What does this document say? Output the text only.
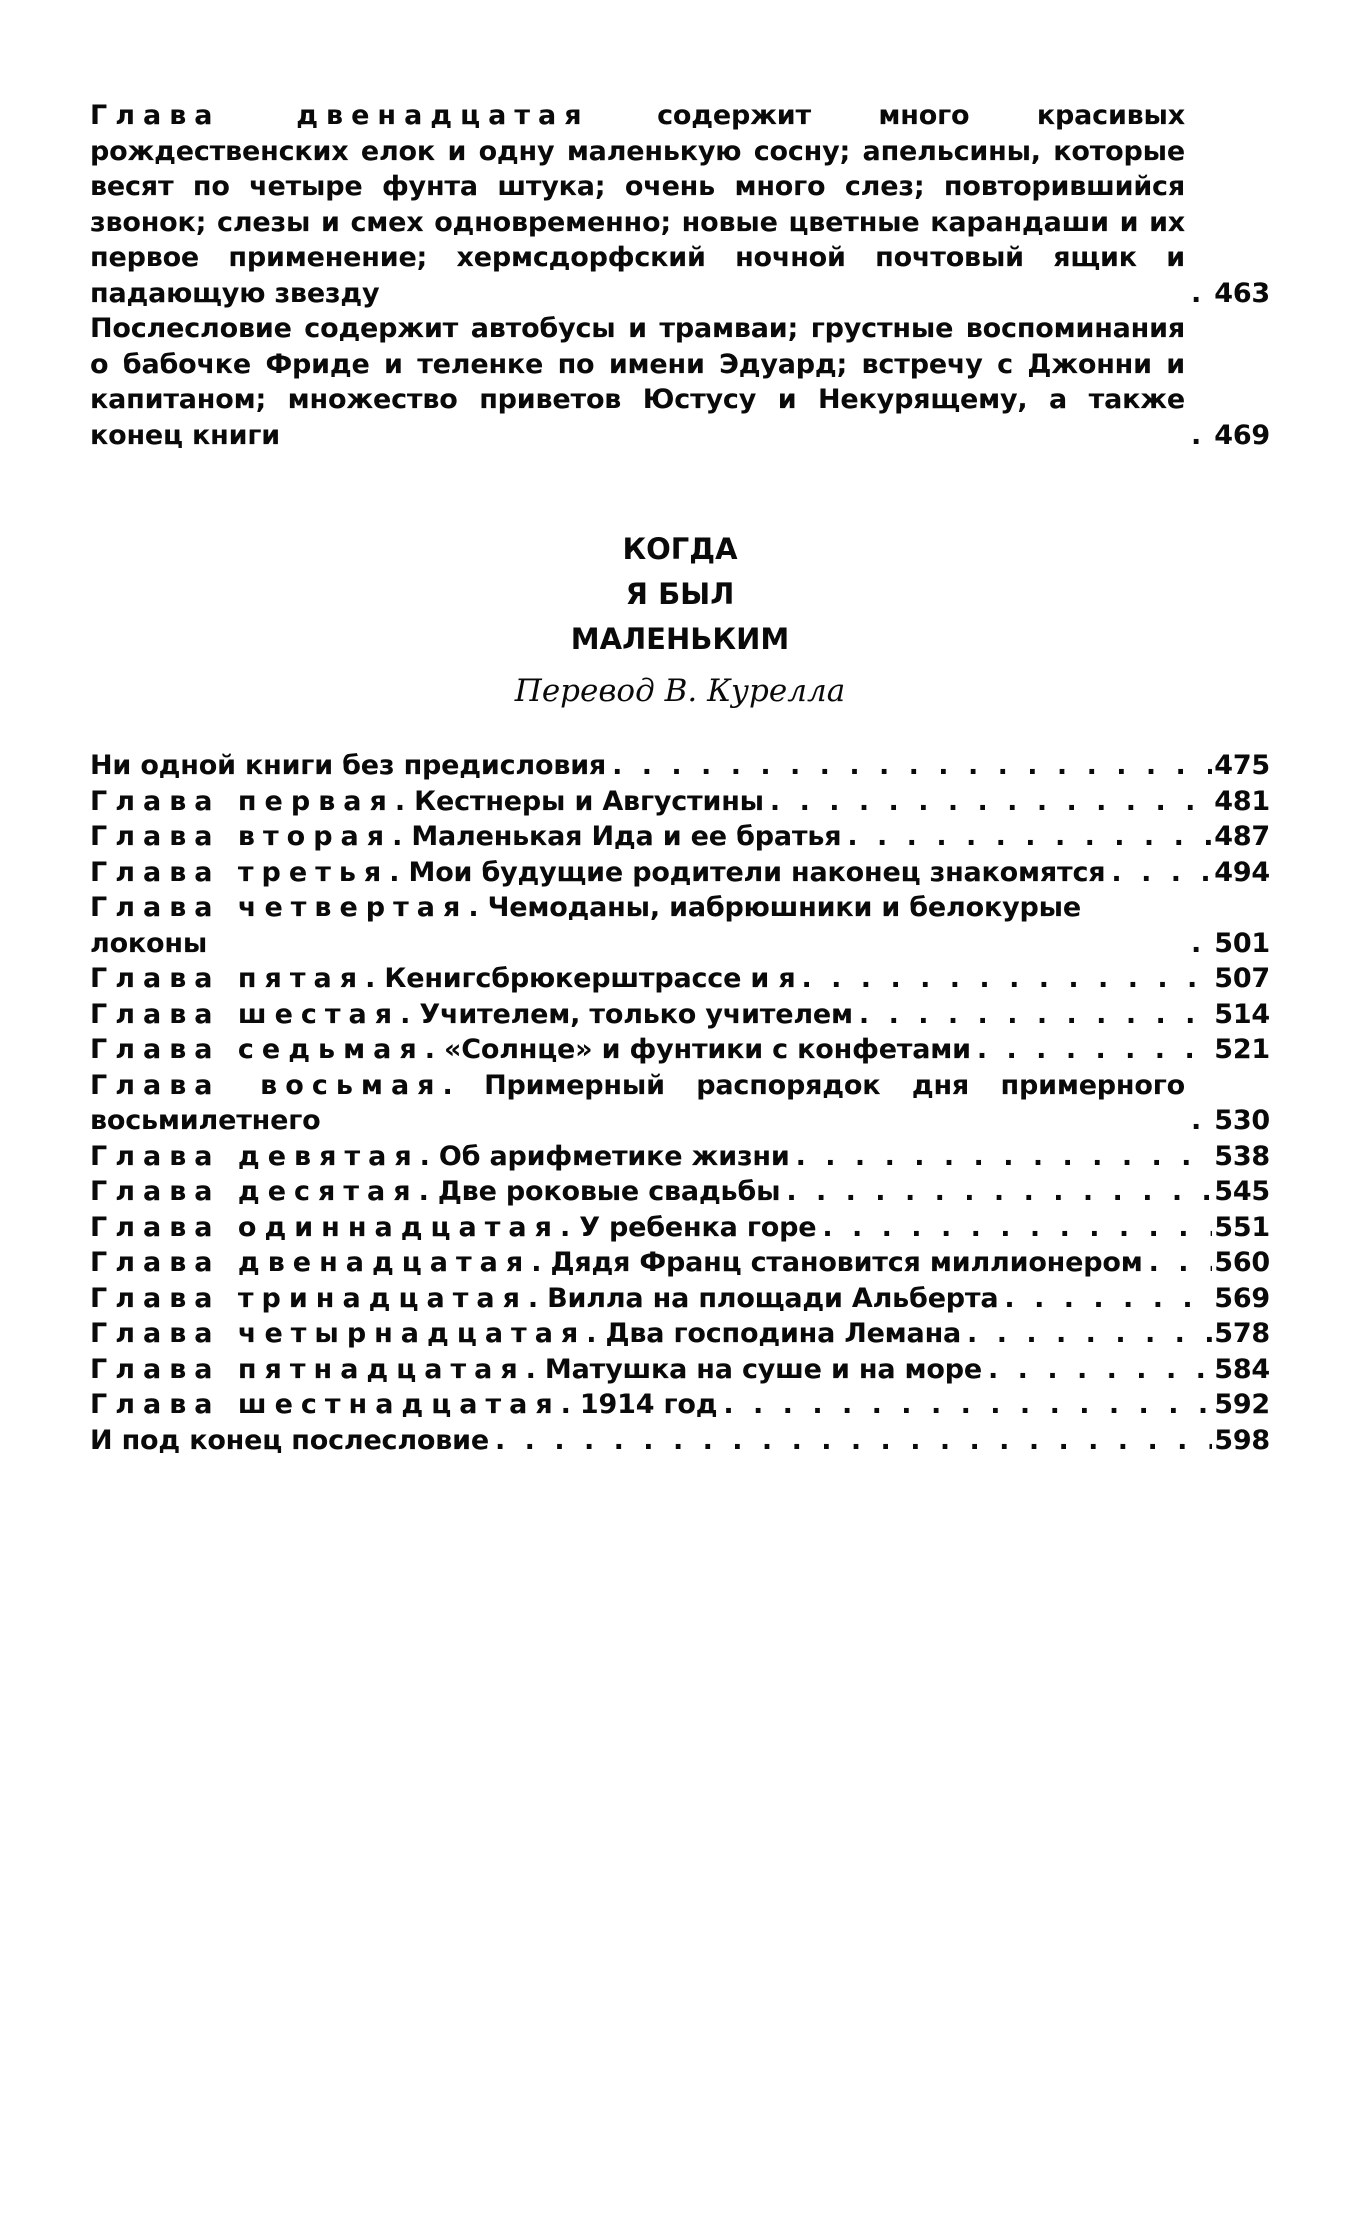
Глава двенадцатая содержит много красивых рождественских елок и одну маленькую сосну; апельсины, которые весят по четыре фунта штука; очень много слез; повторившийся звонок; слезы и смех одновременно; новые цветные карандаши и их первое применение; хермсдорфский ночной почтовый ящик и падающую звезду . . .	463
Послесловие содержит автобусы и трамваи; грустные воспоминания о бабочке Фриде и теленке по имени Эдуард; встречу с Джонни и капитаном; множество приветов Юстусу и Некурящему, а также конец книги . . .	469
КОГДА
Я БЫЛ
МАЛЕНЬКИМ
Перевод В. Курелла
Ни одной книги без предисловия . . .	475
Глава первая. Кестнеры и Августины . . .	481
Глава вторая. Маленькая Ида и ее братья . . .	487
Глава третья. Мои будущие родители наконец знакомятся . . .	494
Глава четвертая. Чемоданы, иабрюшники и белокурые локоны . . .	501
Глава пятая. Кенигсбрюкерштрассе и я . . .	507
Глава шестая. Учителем, только учителем . . .	514
Глава седьмая. «Солнце» и фунтики с конфетами . . .	521
Глава восьмая. Примерный распорядок дня примерного восьмилетнего . . .	530
Глава девятая. Об арифметике жизни . . .	538
Глава десятая. Две роковые свадьбы . . .	545
Глава одиннадцатая. У ребенка горе . . .	551
Глава двенадцатая. Дядя Франц становится миллионером . . .	560
Глава тринадцатая. Вилла на площади Альберта . . .	569
Глава четырнадцатая. Два господина Лемана . . .	578
Глава пятнадцатая. Матушка на суше и на море . . .	584
Глава шестнадцатая. 1914 год . . .	592
И под конец послесловие . . .	598
